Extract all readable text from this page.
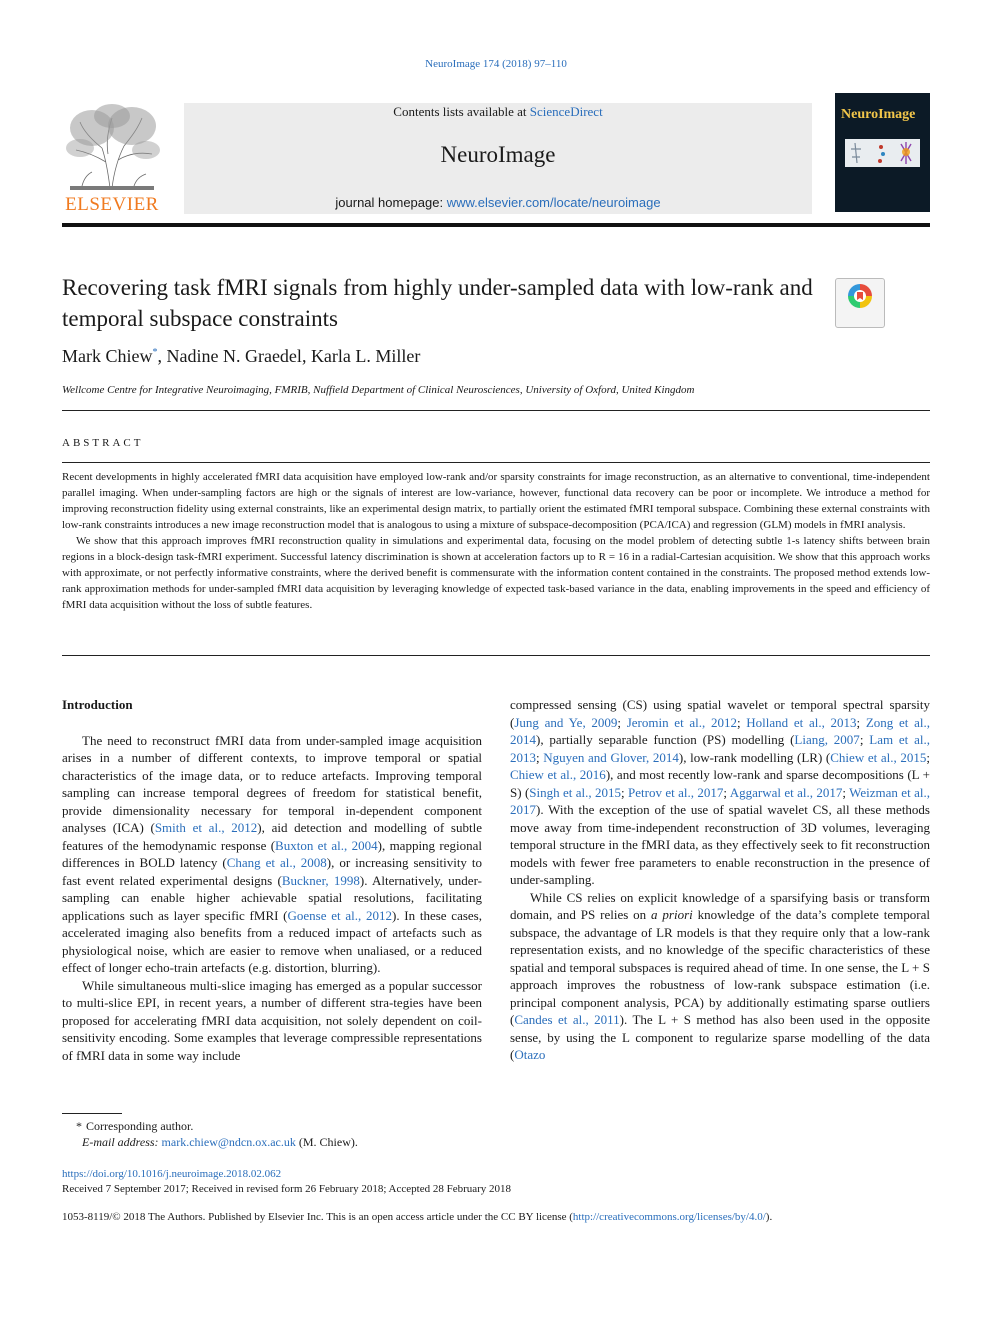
NeuroImage 174 (2018) 97–110
ELSEVIER
Contents lists available at ScienceDirect
NeuroImage
journal homepage: www.elsevier.com/locate/neuroimage
NeuroImage
Recovering task fMRI signals from highly under-sampled data with low-rank and temporal subspace constraints
Mark Chiew*, Nadine N. Graedel, Karla L. Miller
Wellcome Centre for Integrative Neuroimaging, FMRIB, Nuffield Department of Clinical Neurosciences, University of Oxford, United Kingdom
ABSTRACT

Recent developments in highly accelerated fMRI data acquisition have employed low-rank and/or sparsity constraints for image reconstruction, as an alternative to conventional, time-independent parallel imaging. When under-sampling factors are high or the signals of interest are low-variance, however, functional data recovery can be poor or incomplete. We introduce a method for improving reconstruction fidelity using external constraints, like an experimental design matrix, to partially orient the estimated fMRI temporal subspace. Combining these external constraints with low-rank constraints introduces a new image reconstruction model that is analogous to using a mixture of subspace-decomposition (PCA/ICA) and regression (GLM) models in fMRI analysis.

We show that this approach improves fMRI reconstruction quality in simulations and experimental data, focusing on the model problem of detecting subtle 1-s latency shifts between brain regions in a block-design task-fMRI experiment. Successful latency discrimination is shown at acceleration factors up to R = 16 in a radial-Cartesian acquisition. We show that this approach works with approximate, or not perfectly informative constraints, where the derived benefit is commensurate with the information content contained in the constraints. The proposed method extends low-rank approximation methods for under-sampled fMRI data acquisition by leveraging knowledge of expected task-based variance in the data, enabling improvements in the speed and efficiency of fMRI data acquisition without the loss of subtle features.

Introduction

The need to reconstruct fMRI data from under-sampled image acquisition arises in a number of different contexts, to improve temporal or spatial characteristics of the image data, or to reduce artefacts. Improving temporal sampling can increase temporal degrees of freedom for statistical benefit, provide dimensionality necessary for temporal in-dependent component analyses (ICA) (Smith et al., 2012), aid detection and modelling of subtle features of the hemodynamic response (Buxton et al., 2004), mapping regional differences in BOLD latency (Chang et al., 2008), or increasing sensitivity to fast event related experimental designs (Buckner, 1998). Alternatively, under-sampling can enable higher achievable spatial resolutions, facilitating applications such as layer specific fMRI (Goense et al., 2012). In these cases, accelerated imaging also benefits from a reduced impact of artefacts such as physiological noise, which are easier to remove when unaliased, or a reduced effect of longer echo-train artefacts (e.g. distortion, blurring).

While simultaneous multi-slice imaging has emerged as a popular successor to multi-slice EPI, in recent years, a number of different stra-tegies have been proposed for accelerating fMRI data acquisition, not solely dependent on coil-sensitivity encoding. Some examples that leverage compressible representations of fMRI data in some way include

compressed sensing (CS) using spatial wavelet or temporal spectral sparsity (Jung and Ye, 2009; Jeromin et al., 2012; Holland et al., 2013; Zong et al., 2014), partially separable function (PS) modelling (Liang, 2007; Lam et al., 2013; Nguyen and Glover, 2014), low-rank modelling (LR) (Chiew et al., 2015; Chiew et al., 2016), and most recently low-rank and sparse decompositions (L + S) (Singh et al., 2015; Petrov et al., 2017; Aggarwal et al., 2017; Weizman et al., 2017). With the exception of the use of spatial wavelet CS, all these methods move away from time-independent reconstruction of 3D volumes, leveraging temporal structure in the fMRI data, as they effectively seek to fit reconstruction models with fewer free parameters to enable reconstruction in the presence of under-sampling.

While CS relies on explicit knowledge of a sparsifying basis or transform domain, and PS relies on a priori knowledge of the data’s complete temporal subspace, the advantage of LR models is that they require only that a low-rank representation exists, and no knowledge of the specific characteristics of these spatial and temporal subspaces is required ahead of time. In one sense, the L + S approach improves the robustness of low-rank subspace estimation (i.e. principal component analysis, PCA) by additionally estimating sparse outliers (Candes et al., 2011). The L + S method has also been used in the opposite sense, by using the L component to regularize sparse modelling of the data (Otazo

* Corresponding author.
E-mail address: mark.chiew@ndcn.ox.ac.uk (M. Chiew).
https://doi.org/10.1016/j.neuroimage.2018.02.062
Received 7 September 2017; Received in revised form 26 February 2018; Accepted 28 February 2018
1053-8119/© 2018 The Authors. Published by Elsevier Inc. This is an open access article under the CC BY license (http://creativecommons.org/licenses/by/4.0/).
